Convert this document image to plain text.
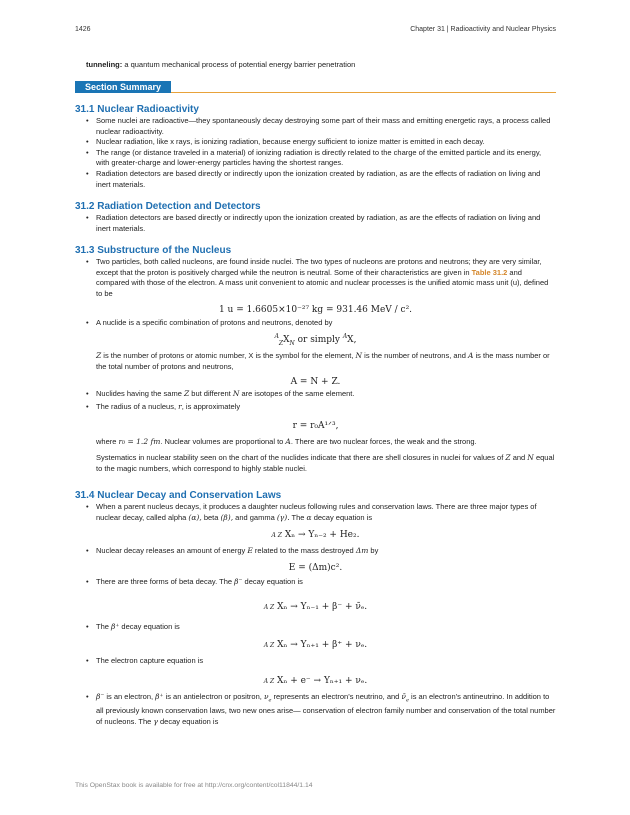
1426	Chapter 31 | Radioactivity and Nuclear Physics
tunneling: a quantum mechanical process of potential energy barrier penetration
Section Summary
31.1 Nuclear Radioactivity
• Some nuclei are radioactive—they spontaneously decay destroying some part of their mass and emitting energetic rays, a process called nuclear radioactivity.
• Nuclear radiation, like x rays, is ionizing radiation, because energy sufficient to ionize matter is emitted in each decay.
• The range (or distance traveled in a material) of ionizing radiation is directly related to the charge of the emitted particle and its energy, with greater-charge and lower-energy particles having the shortest ranges.
• Radiation detectors are based directly or indirectly upon the ionization created by radiation, as are the effects of radiation on living and inert materials.
31.2 Radiation Detection and Detectors
• Radiation detectors are based directly or indirectly upon the ionization created by radiation, as are the effects of radiation on living and inert materials.
31.3 Substructure of the Nucleus
• Two particles, both called nucleons, are found inside nuclei. The two types of nucleons are protons and neutrons; they are very similar, except that the proton is positively charged while the neutron is neutral. Some of their characteristics are given in Table 31.2 and compared with those of the electron. A mass unit convenient to atomic and nuclear processes is the unified atomic mass unit (u), defined to be
1 u = 1.6605×10⁻²⁷ kg = 931.46 MeV / c².
• A nuclide is a specific combination of protons and neutrons, denoted by
$^A_ZX_N$ or simply $^A$X,
Z is the number of protons or atomic number, X is the symbol for the element, N is the number of neutrons, and A is the mass number or the total number of protons and neutrons,
A = N + Z.
• Nuclides having the same Z but different N are isotopes of the same element.
• The radius of a nucleus, r, is approximately
r = r₀A¹ᐟ³,
where r₀ = 1.2 fm. Nuclear volumes are proportional to A. There are two nuclear forces, the weak and the strong.
Systematics in nuclear stability seen on the chart of the nuclides indicate that there are shell closures in nuclei for values of Z and N equal to the magic numbers, which correspond to highly stable nuclei.
31.4 Nuclear Decay and Conservation Laws
• When a parent nucleus decays, it produces a daughter nucleus following rules and conservation laws. There are three major types of nuclear decay, called alpha (α), beta (β), and gamma (γ). The α decay equation is
A Z Xₙ → Yₙ₋₂ + He₂.
• Nuclear decay releases an amount of energy E related to the mass destroyed Δm by
E = (Δm)c².
• There are three forms of beta decay. The β⁻ decay equation is
A Z Xₙ → Yₙ₋₁ + β⁻ + ν̄ₑ.
• The β⁺ decay equation is
A Z Xₙ → Yₙ₊₁ + β⁺ + νₑ.
• The electron capture equation is
A Z Xₙ + e⁻ → Yₙ₊₁ + νₑ.
• β⁻ is an electron, β⁺ is an antielectron or positron, $\nu_e$ represents an electron’s neutrino, and $\nū_e$ is an electron’s antineutrino. In addition to all previously known conservation laws, two new ones arise— conservation of electron family number and conservation of the total number of nucleons. The γ decay equation is
This OpenStax book is available for free at http://cnx.org/content/col11844/1.14
